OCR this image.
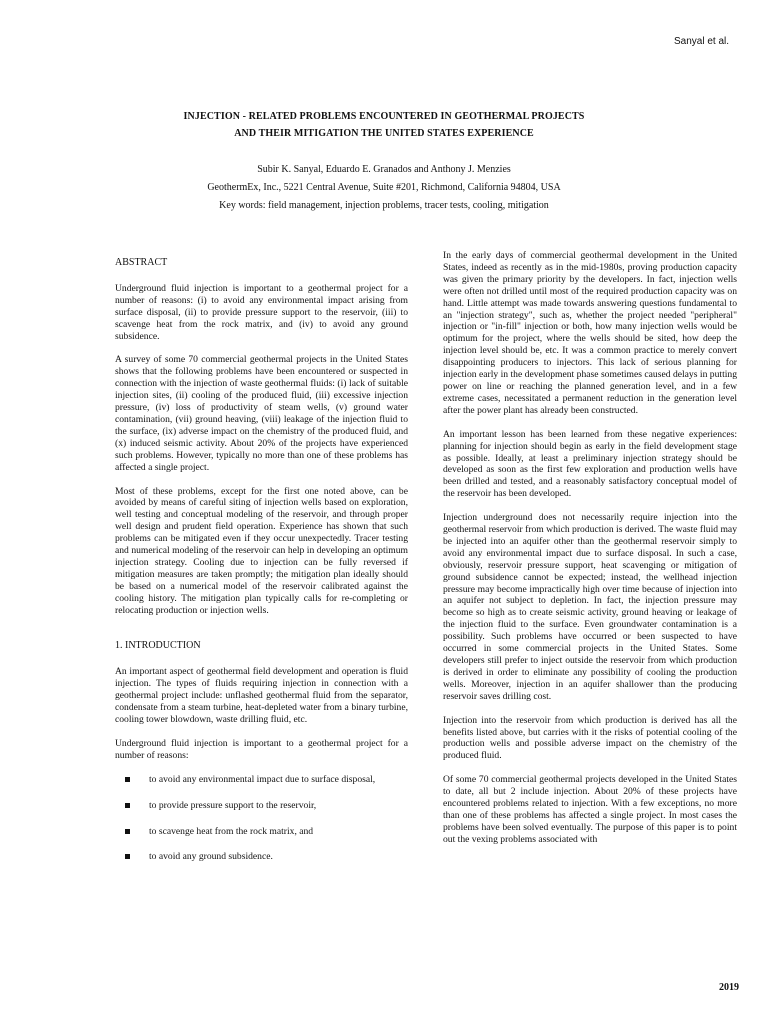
Sanyal et al.
INJECTION - RELATED PROBLEMS ENCOUNTERED IN GEOTHERMAL PROJECTS
AND THEIR MITIGATION THE UNITED STATES EXPERIENCE
Subir K. Sanyal, Eduardo E. Granados and Anthony J. Menzies
GeothermEx, Inc., 5221 Central Avenue, Suite #201, Richmond, California 94804, USA
Key words: field management, injection problems, tracer tests, cooling, mitigation
ABSTRACT

Underground fluid injection is important to a geothermal project for a number of reasons: (i) to avoid any environmental impact arising from surface disposal, (ii) to provide pressure support to the reservoir, (iii) to scavenge heat from the rock matrix, and (iv) to avoid any ground subsidence.

A survey of some 70 commercial geothermal projects in the United States shows that the following problems have been encountered or suspected in connection with the injection of waste geothermal fluids: (i) lack of suitable injection sites, (ii) cooling of the produced fluid, (iii) excessive injection pressure, (iv) loss of productivity of steam wells, (v) ground water contamination, (vii) ground heaving, (viii) leakage of the injection fluid to the surface, (ix) adverse impact on the chemistry of the produced fluid, and (x) induced seismic activity. About 20% of the projects have experienced such problems. However, typically no more than one of these problems has affected a single project.

Most of these problems, except for the first one noted above, can be avoided by means of careful siting of injection wells based on exploration, well testing and conceptual modeling of the reservoir, and through proper well design and prudent field operation. Experience has shown that such problems can be mitigated even if they occur unexpectedly. Tracer testing and numerical modeling of the reservoir can help in developing an optimum injection strategy. Cooling due to injection can be fully reversed if mitigation measures are taken promptly; the mitigation plan ideally should be based on a numerical model of the reservoir calibrated against the cooling history. The mitigation plan typically calls for re-completing or relocating production or injection wells.

1. INTRODUCTION

An important aspect of geothermal field development and operation is fluid injection. The types of fluids requiring injection in connection with a geothermal project include: unflashed geothermal fluid from the separator, condensate from a steam turbine, heat-depleted water from a binary turbine, cooling tower blowdown, waste drilling fluid, etc.

Underground fluid injection is important to a geothermal project for a number of reasons:

to avoid any environmental impact due to surface disposal,
to provide pressure support to the reservoir,
to scavenge heat from the rock matrix, and
to avoid any ground subsidence.

In the early days of commercial geothermal development in the United States, indeed as recently as in the mid-1980s, proving production capacity was given the primary priority by the developers. In fact, injection wells were often not drilled until most of the required production capacity was on hand. Little attempt was made towards answering questions fundamental to an "injection strategy", such as, whether the project needed "peripheral" injection or "in-fill" injection or both, how many injection wells would be optimum for the project, where the wells should be sited, how deep the injection level should be, etc. It was a common practice to merely convert disappointing producers to injectors. This lack of serious planning for injection early in the development phase sometimes caused delays in putting power on line or reaching the planned generation level, and in a few extreme cases, necessitated a permanent reduction in the generation level after the power plant has already been constructed.

An important lesson has been learned from these negative experiences: planning for injection should begin as early in the field development stage as possible. Ideally, at least a preliminary injection strategy should be developed as soon as the first few exploration and production wells have been drilled and tested, and a reasonably satisfactory conceptual model of the reservoir has been developed.

Injection underground does not necessarily require injection into the geothermal reservoir from which production is derived. The waste fluid may be injected into an aquifer other than the geothermal reservoir simply to avoid any environmental impact due to surface disposal. In such a case, obviously, reservoir pressure support, heat scavenging or mitigation of ground subsidence cannot be expected; instead, the wellhead injection pressure may become impractically high over time because of injection into an aquifer not subject to depletion. In fact, the injection pressure may become so high as to create seismic activity, ground heaving or leakage of the injection fluid to the surface. Even groundwater contamination is a possibility. Such problems have occurred or been suspected to have occurred in some commercial projects in the United States. Some developers still prefer to inject outside the reservoir from which production is derived in order to eliminate any possibility of cooling the production wells. Moreover, injection in an aquifer shallower than the producing reservoir saves drilling cost.

Injection into the reservoir from which production is derived has all the benefits listed above, but carries with it the risks of potential cooling of the production wells and possible adverse impact on the chemistry of the produced fluid.

Of some 70 commercial geothermal projects developed in the United States to date, all but 2 include injection. About 20% of these projects have encountered problems related to injection. With a few exceptions, no more than one of these problems has affected a single project. In most cases the problems have been solved eventually. The purpose of this paper is to point out the vexing problems associated with

2019
